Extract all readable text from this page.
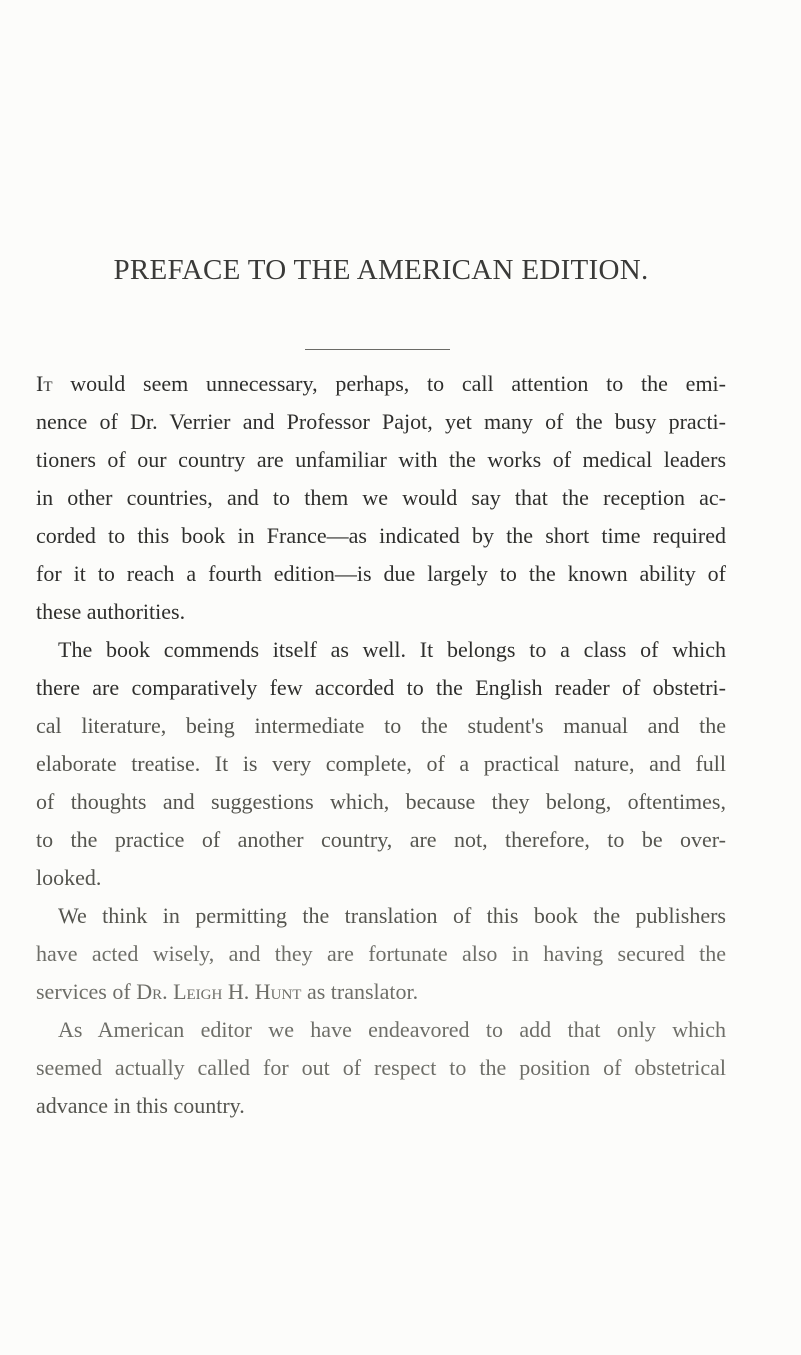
PREFACE TO THE AMERICAN EDITION.
It would seem unnecessary, perhaps, to call attention to the emi-
nence of Dr. Verrier and Professor Pajot, yet many of the busy practi-
tioners of our country are unfamiliar with the works of medical leaders
in other countries, and to them we would say that the reception ac-
corded to this book in France—as indicated by the short time required
for it to reach a fourth edition—is due largely to the known ability of
these authorities.
The book commends itself as well. It belongs to a class of which
there are comparatively few accorded to the English reader of obstetri-
cal literature, being intermediate to the student's manual and the
elaborate treatise. It is very complete, of a practical nature, and full
of thoughts and suggestions which, because they belong, oftentimes,
to the practice of another country, are not, therefore, to be over-
looked.
We think in permitting the translation of this book the publishers
have acted wisely, and they are fortunate also in having secured the
services of Dr. Leigh H. Hunt as translator.
As American editor we have endeavored to add that only which
seemed actually called for out of respect to the position of obstetrical
advance in this country.
